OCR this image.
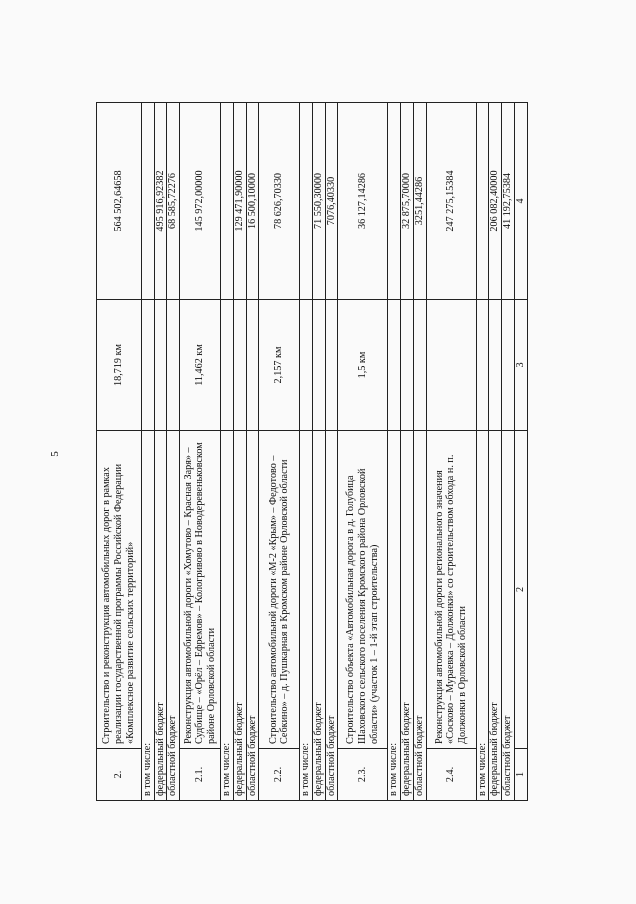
5
2.	Строительство и реконструкция автомобильных дорог в рамках реализации государственной программы Российской Федерации «Комплексное развитие сельских территорий»	18,719 км	564 502,64658
в том числе:			
федеральный бюджет			495 916,92382
областной бюджет			68 585,72276
2.1.	Реконструкция автомобильной дороги «Хомутово – Красная Заря» – Судбище – «Орёл – Ефремов» – Кологривово в Новодеревеньковском районе Орловской области	11,462 км	145 972,00000
в том числе:			
федеральный бюджет			129 471,90000
областной бюджет			16 500,10000
2.2.	Строительство автомобильной дороги «М-2 «Крым» – Федотово – Себкино» – д. Пушкарная в Кромском районе Орловской области	2,157 км	78 626,70330
в том числе:			
федеральный бюджет			71 550,30000
областной бюджет			7076,40330
2.3.	Строительство объекта «Автомобильная дорога в д. Голубица Шаховского сельского поселения Кромского района Орловской области» (участок 1 – 1-й этап строительства)	1,5 км	36 127,14286
в том числе:			
федеральный бюджет			32 875,70000
областной бюджет			3251,44286
2.4.	Реконструкция автомобильной дороги регионального значения «Сосково – Мураевка – Должонки» со строительством обхода н. п. Должонки в Орловской области		247 275,15384
в том числе:			
федеральный бюджет			206 082,40000
областной бюджет			41 192,75384
1	2	3	4
